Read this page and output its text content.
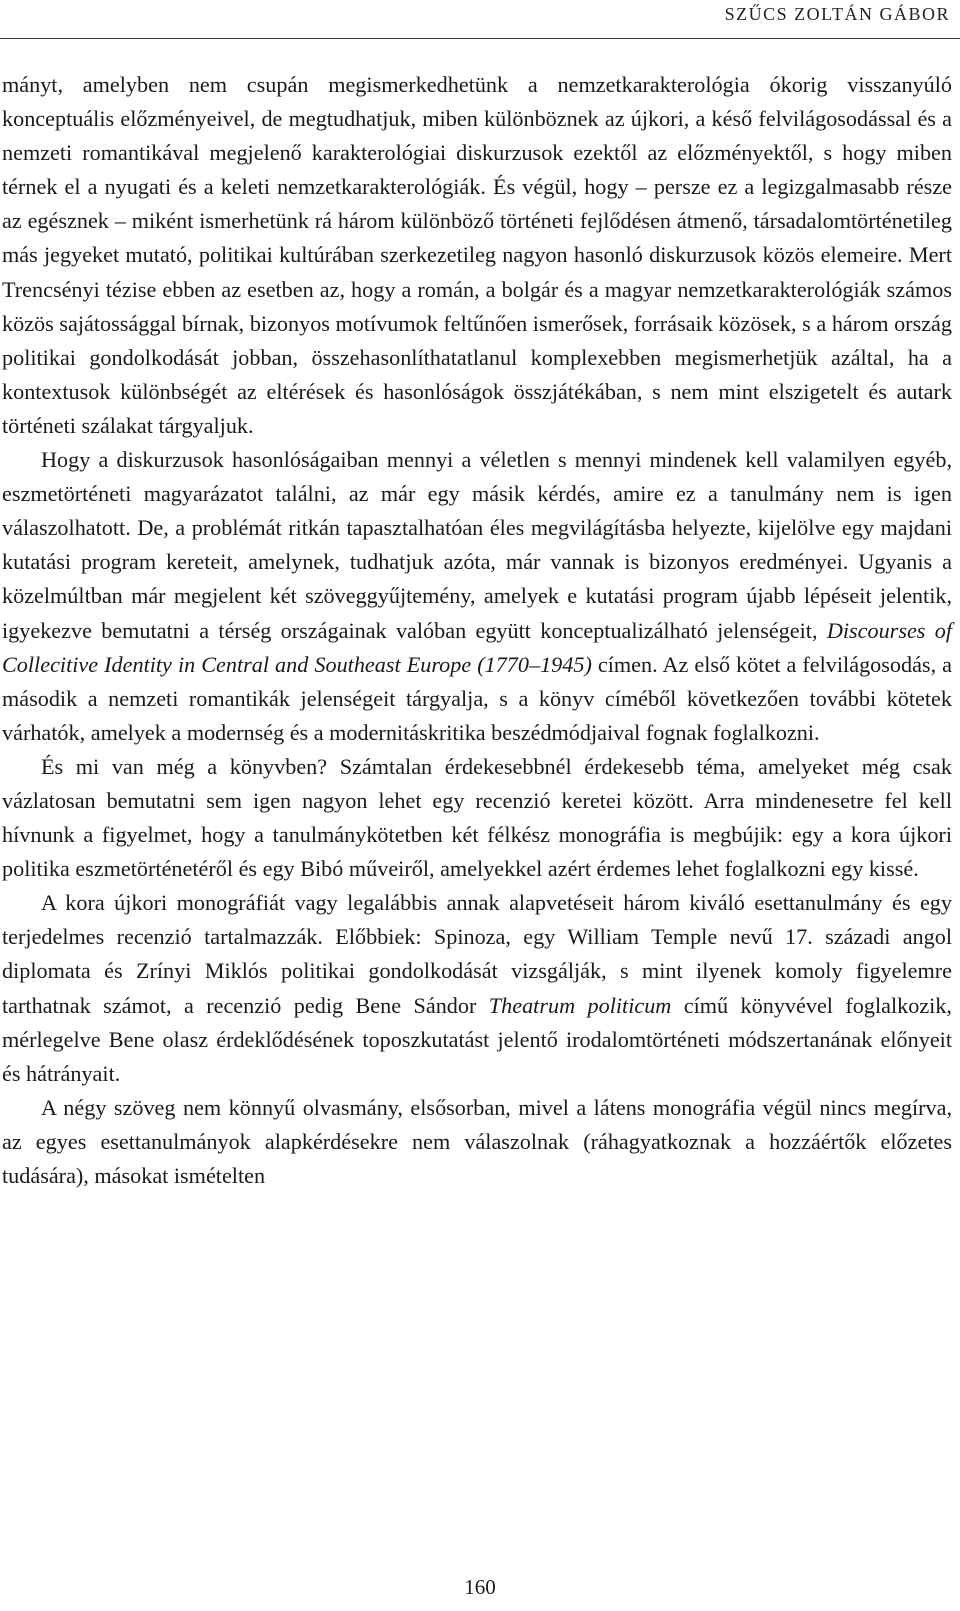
SZŰCS ZOLTÁN GÁBOR

mányt, amelyben nem csupán megismerkedhetünk a nemzetkarakterológia ókorig visszanyúló konceptuális előzményeivel, de megtudhatjuk, miben különböznek az újkori, a késő felvilágosodással és a nemzeti romantikával megjelenő karakterológiai diskurzusok ezektől az előzményektől, s hogy miben térnek el a nyugati és a keleti nemzetkarakterológiák. És végül, hogy – persze ez a legizgalmasabb része az egésznek – miként ismerhetünk rá három különböző történeti fejlődésen átmenő, társadalomtörténetileg más jegyeket mutató, politikai kultúrában szerkezetileg nagyon hasonló diskurzusok közös elemeire. Mert Trencsényi tézise ebben az esetben az, hogy a román, a bolgár és a magyar nemzetkarakterológiák számos közös sajátossággal bírnak, bizonyos motívumok feltűnően ismerősek, forrásaik közösek, s a három ország politikai gondolkodását jobban, összehasonlíthatatlanul komplexebben megismerhetjük azáltal, ha a kontextusok különbségét az eltérések és hasonlóságok összjátékában, s nem mint elszigetelt és autark történeti szálakat tárgyaljuk.

Hogy a diskurzusok hasonlóságaiban mennyi a véletlen s mennyi mindenek kell valamilyen egyéb, eszmetörténeti magyarázatot találni, az már egy másik kérdés, amire ez a tanulmány nem is igen válaszolhatott. De, a problémát ritkán tapasztalhatóan éles megvilágításba helyezte, kijelölve egy majdani kutatási program kereteit, amelynek, tudhatjuk azóta, már vannak is bizonyos eredményei. Ugyanis a közelmúltban már megjelent két szöveggyűjtemény, amelyek e kutatási program újabb lépéseit jelentik, igyekezve bemutatni a térség országainak valóban együtt konceptualizálható jelenségeit, Discourses of Collecitive Identity in Central and Southeast Europe (1770–1945) címen. Az első kötet a felvilágosodás, a második a nemzeti romantikák jelenségeit tárgyalja, s a könyv címéből következően további kötetek várhatók, amelyek a modernség és a modernitáskritika beszédmódjaival fognak foglalkozni.

És mi van még a könyvben? Számtalan érdekesebbnél érdekesebb téma, amelyeket még csak vázlatosan bemutatni sem igen nagyon lehet egy recenzió keretei között. Arra mindenesetre fel kell hívnunk a figyelmet, hogy a tanulmánykötetben két félkész monográfia is megbújik: egy a kora újkori politika eszmetörténetéről és egy Bibó műveiről, amelyekkel azért érdemes lehet foglalkozni egy kissé.

A kora újkori monográfiát vagy legalábbis annak alapvetéseit három kiváló esettanulmány és egy terjedelmes recenzió tartalmazzák. Előbbiek: Spinoza, egy William Temple nevű 17. századi angol diplomata és Zrínyi Miklós politikai gondolkodását vizsgálják, s mint ilyenek komoly figyelemre tarthatnak számot, a recenzió pedig Bene Sándor Theatrum politicum című könyvével foglalkozik, mérlegelve Bene olasz érdeklődésének toposzkutatást jelentő irodalomtörténeti módszertanának előnyeit és hátrányait.

A négy szöveg nem könnyű olvasmány, elsősorban, mivel a látens monográfia végül nincs megírva, az egyes esettanulmányok alapkérdésekre nem válaszolnak (ráhagyatkoznak a hozzáértők előzetes tudására), másokat ismételten

160
